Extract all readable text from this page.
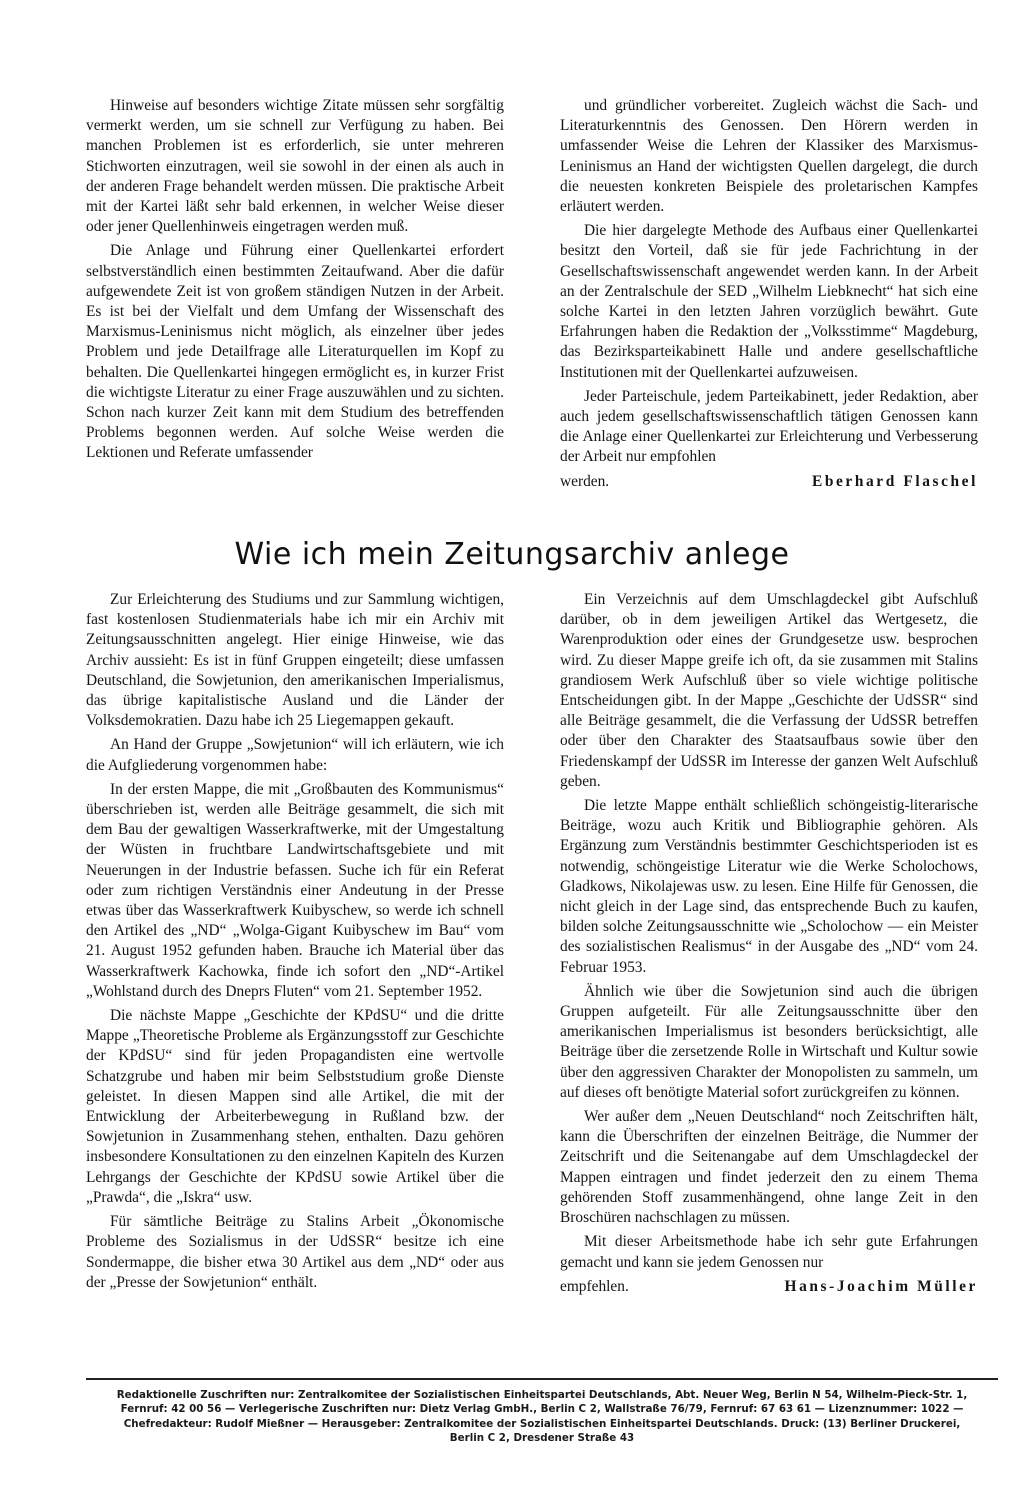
Hinweise auf besonders wichtige Zitate müssen sehr sorgfältig vermerkt werden, um sie schnell zur Verfügung zu haben. Bei manchen Problemen ist es erforderlich, sie unter mehreren Stichworten einzutragen, weil sie sowohl in der einen als auch in der anderen Frage behandelt werden müssen. Die praktische Arbeit mit der Kartei läßt sehr bald erkennen, in welcher Weise dieser oder jener Quellenhinweis eingetragen werden muß.

Die Anlage und Führung einer Quellenkartei erfordert selbstverständlich einen bestimmten Zeitaufwand. Aber die dafür aufgewendete Zeit ist von großem ständigen Nutzen in der Arbeit. Es ist bei der Vielfalt und dem Umfang der Wissenschaft des Marxismus-Leninismus nicht möglich, als einzelner über jedes Problem und jede Detailfrage alle Literaturquellen im Kopf zu behalten. Die Quellenkartei hingegen ermöglicht es, in kurzer Frist die wichtigste Literatur zu einer Frage auszuwählen und zu sichten. Schon nach kurzer Zeit kann mit dem Studium des betreffenden Problems begonnen werden. Auf solche Weise werden die Lektionen und Referate umfassender

und gründlicher vorbereitet. Zugleich wächst die Sach- und Literaturkenntnis des Genossen. Den Hörern werden in umfassender Weise die Lehren der Klassiker des Marxismus-Leninismus an Hand der wichtigsten Quellen dargelegt, die durch die neuesten konkreten Beispiele des proletarischen Kampfes erläutert werden.

Die hier dargelegte Methode des Aufbaus einer Quellenkartei besitzt den Vorteil, daß sie für jede Fachrichtung in der Gesellschaftswissenschaft angewendet werden kann. In der Arbeit an der Zentralschule der SED „Wilhelm Liebknecht“ hat sich eine solche Kartei in den letzten Jahren vorzüglich bewährt. Gute Erfahrungen haben die Redaktion der „Volksstimme“ Magdeburg, das Bezirksparteikabinett Halle und andere gesellschaftliche Institutionen mit der Quellenkartei aufzuweisen.

Jeder Parteischule, jedem Parteikabinett, jeder Redaktion, aber auch jedem gesellschaftswissenschaftlich tätigen Genossen kann die Anlage einer Quellenkartei zur Erleichterung und Verbesserung der Arbeit nur empfohlen

werden.	Eberhard Flaschel
Wie ich mein Zeitungsarchiv anlege

Zur Erleichterung des Studiums und zur Sammlung wichtigen, fast kostenlosen Studienmaterials habe ich mir ein Archiv mit Zeitungsausschnitten angelegt. Hier einige Hinweise, wie das Archiv aussieht: Es ist in fünf Gruppen eingeteilt; diese umfassen Deutschland, die Sowjetunion, den amerikanischen Imperialismus, das übrige kapitalistische Ausland und die Länder der Volksdemokratien. Dazu habe ich 25 Liegemappen gekauft.

An Hand der Gruppe „Sowjetunion“ will ich erläutern, wie ich die Aufgliederung vorgenommen habe:

In der ersten Mappe, die mit „Großbauten des Kommunismus“ überschrieben ist, werden alle Beiträge gesammelt, die sich mit dem Bau der gewaltigen Wasserkraftwerke, mit der Umgestaltung der Wüsten in fruchtbare Landwirtschaftsgebiete und mit Neuerungen in der Industrie befassen. Suche ich für ein Referat oder zum richtigen Verständnis einer Andeutung in der Presse etwas über das Wasserkraftwerk Kuibyschew, so werde ich schnell den Artikel des „ND“ „Wolga-Gigant Kuibyschew im Bau“ vom 21. August 1952 gefunden haben. Brauche ich Material über das Wasserkraftwerk Kachowka, finde ich sofort den „ND“-Artikel „Wohlstand durch des Dneprs Fluten“ vom 21. September 1952.

Die nächste Mappe „Geschichte der KPdSU“ und die dritte Mappe „Theoretische Probleme als Ergänzungsstoff zur Geschichte der KPdSU“ sind für jeden Propagandisten eine wertvolle Schatzgrube und haben mir beim Selbststudium große Dienste geleistet. In diesen Mappen sind alle Artikel, die mit der Entwicklung der Arbeiterbewegung in Rußland bzw. der Sowjetunion in Zusammenhang stehen, enthalten. Dazu gehören insbesondere Konsultationen zu den einzelnen Kapiteln des Kurzen Lehrgangs der Geschichte der KPdSU sowie Artikel über die „Prawda“, die „Iskra“ usw.

Für sämtliche Beiträge zu Stalins Arbeit „Ökonomische Probleme des Sozialismus in der UdSSR“ besitze ich eine Sondermappe, die bisher etwa 30 Artikel aus dem „ND“ oder aus der „Presse der Sowjetunion“ enthält.

Ein Verzeichnis auf dem Umschlagdeckel gibt Aufschluß darüber, ob in dem jeweiligen Artikel das Wertgesetz, die Warenproduktion oder eines der Grundgesetze usw. besprochen wird. Zu dieser Mappe greife ich oft, da sie zusammen mit Stalins grandiosem Werk Aufschluß über so viele wichtige politische Entscheidungen gibt. In der Mappe „Geschichte der UdSSR“ sind alle Beiträge gesammelt, die die Verfassung der UdSSR betreffen oder über den Charakter des Staatsaufbaus sowie über den Friedenskampf der UdSSR im Interesse der ganzen Welt Aufschluß geben.

Die letzte Mappe enthält schließlich schöngeistig-literarische Beiträge, wozu auch Kritik und Bibliographie gehören. Als Ergänzung zum Verständnis bestimmter Geschichtsperioden ist es notwendig, schöngeistige Literatur wie die Werke Scholochows, Gladkows, Nikolajewas usw. zu lesen. Eine Hilfe für Genossen, die nicht gleich in der Lage sind, das entsprechende Buch zu kaufen, bilden solche Zeitungsausschnitte wie „Scholochow — ein Meister des sozialistischen Realismus“ in der Ausgabe des „ND“ vom 24. Februar 1953.

Ähnlich wie über die Sowjetunion sind auch die übrigen Gruppen aufgeteilt. Für alle Zeitungsausschnitte über den amerikanischen Imperialismus ist besonders berücksichtigt, alle Beiträge über die zersetzende Rolle in Wirtschaft und Kultur sowie über den aggressiven Charakter der Monopolisten zu sammeln, um auf dieses oft benötigte Material sofort zurückgreifen zu können.

Wer außer dem „Neuen Deutschland“ noch Zeitschriften hält, kann die Überschriften der einzelnen Beiträge, die Nummer der Zeitschrift und die Seitenangabe auf dem Umschlagdeckel der Mappen eintragen und findet jederzeit den zu einem Thema gehörenden Stoff zusammenhängend, ohne lange Zeit in den Broschüren nachschlagen zu müssen.

Mit dieser Arbeitsmethode habe ich sehr gute Erfahrungen gemacht und kann sie jedem Genossen nur

empfehlen.	Hans-Joachim Müller
Redaktionelle Zuschriften nur: Zentralkomitee der Sozialistischen Einheitspartei Deutschlands, Abt. Neuer Weg, Berlin N 54, Wilhelm-Pieck-Str. 1,
Fernruf: 42 00 56 — Verlegerische Zuschriften nur: Dietz Verlag GmbH., Berlin C 2, Wallstraße 76/79, Fernruf: 67 63 61 — Lizenznummer: 1022 —
Chefredakteur: Rudolf Mießner — Herausgeber: Zentralkomitee der Sozialistischen Einheitspartei Deutschlands. Druck: (13) Berliner Druckerei,
Berlin C 2, Dresdener Straße 43
